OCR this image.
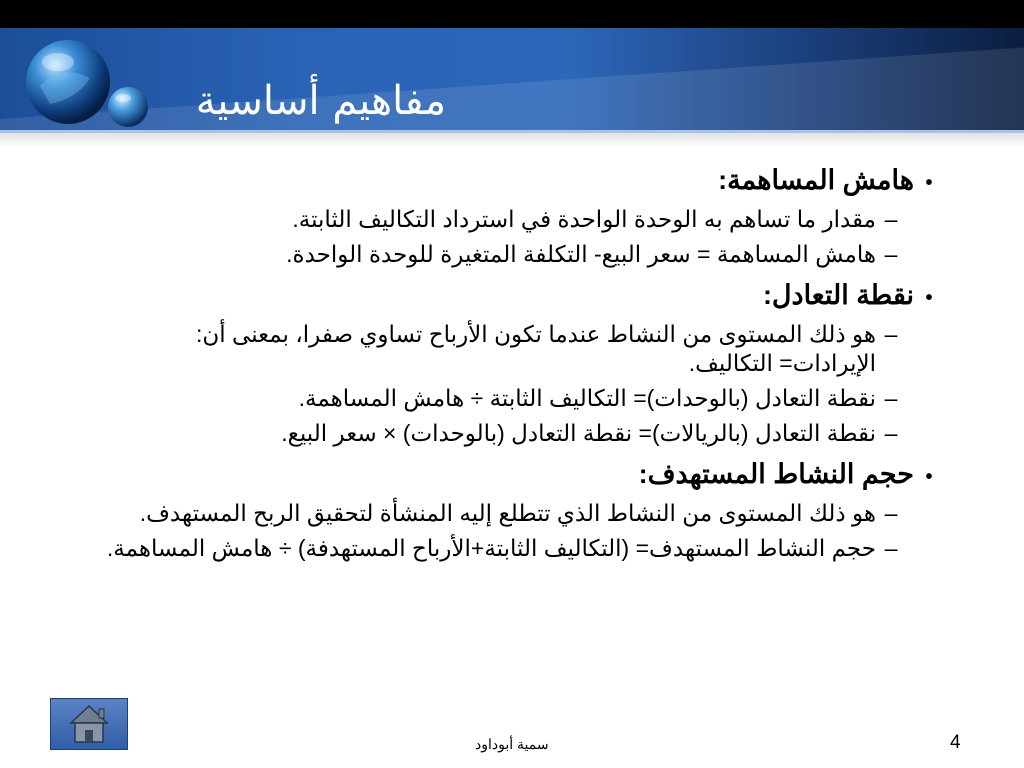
مفاهيم أساسية
•
هامش المساهمة:
–
مقدار ما تساهم به الوحدة الواحدة في استرداد التكاليف الثابتة.
–
هامش المساهمة = سعر البيع- التكلفة المتغيرة للوحدة الواحدة.
•
نقطة التعادل:
–
هو ذلك المستوى من النشاط عندما تكون الأرباح تساوي صفرا، بمعنى أن: الإيرادات= التكاليف.
–
نقطة التعادل (بالوحدات)= التكاليف الثابتة ÷ هامش المساهمة.
–
نقطة التعادل (بالريالات)= نقطة التعادل (بالوحدات) × سعر البيع.
•
حجم النشاط المستهدف:
–
هو ذلك المستوى من النشاط الذي تتطلع إليه المنشأة لتحقيق الربح المستهدف.
–
حجم النشاط المستهدف= (التكاليف الثابتة+الأرباح المستهدفة) ÷ هامش المساهمة.
سمية أبوداود	4
